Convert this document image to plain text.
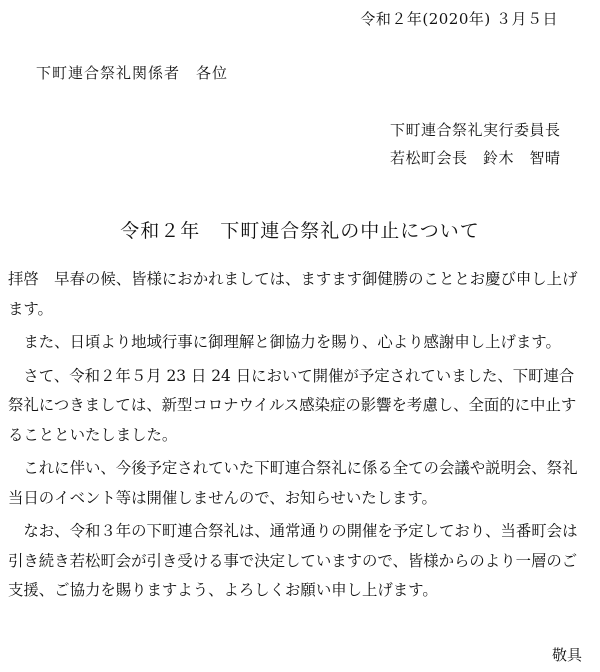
令和２年(2020年) ３月５日
下町連合祭礼関係者　各位
下町連合祭礼実行委員長
若松町会長　鈴木　智晴
令和２年　下町連合祭礼の中止について

拝啓　早春の候、皆様におかれましては、ますます御健勝のこととお慶び申し上げます。

また、日頃より地域行事に御理解と御協力を賜り、心より感謝申し上げます。

さて、令和２年５月 23 日 24 日において開催が予定されていました、下町連合祭礼につきましては、新型コロナウイルス感染症の影響を考慮し、全面的に中止することといたしました。

これに伴い、今後予定されていた下町連合祭礼に係る全ての会議や説明会、祭礼当日のイベント等は開催しませんので、お知らせいたします。

なお、令和３年の下町連合祭礼は、通常通りの開催を予定しており、当番町会は引き続き若松町会が引き受ける事で決定していますので、皆様からのより一層のご支援、ご協力を賜りますよう、よろしくお願い申し上げます。

敬具
